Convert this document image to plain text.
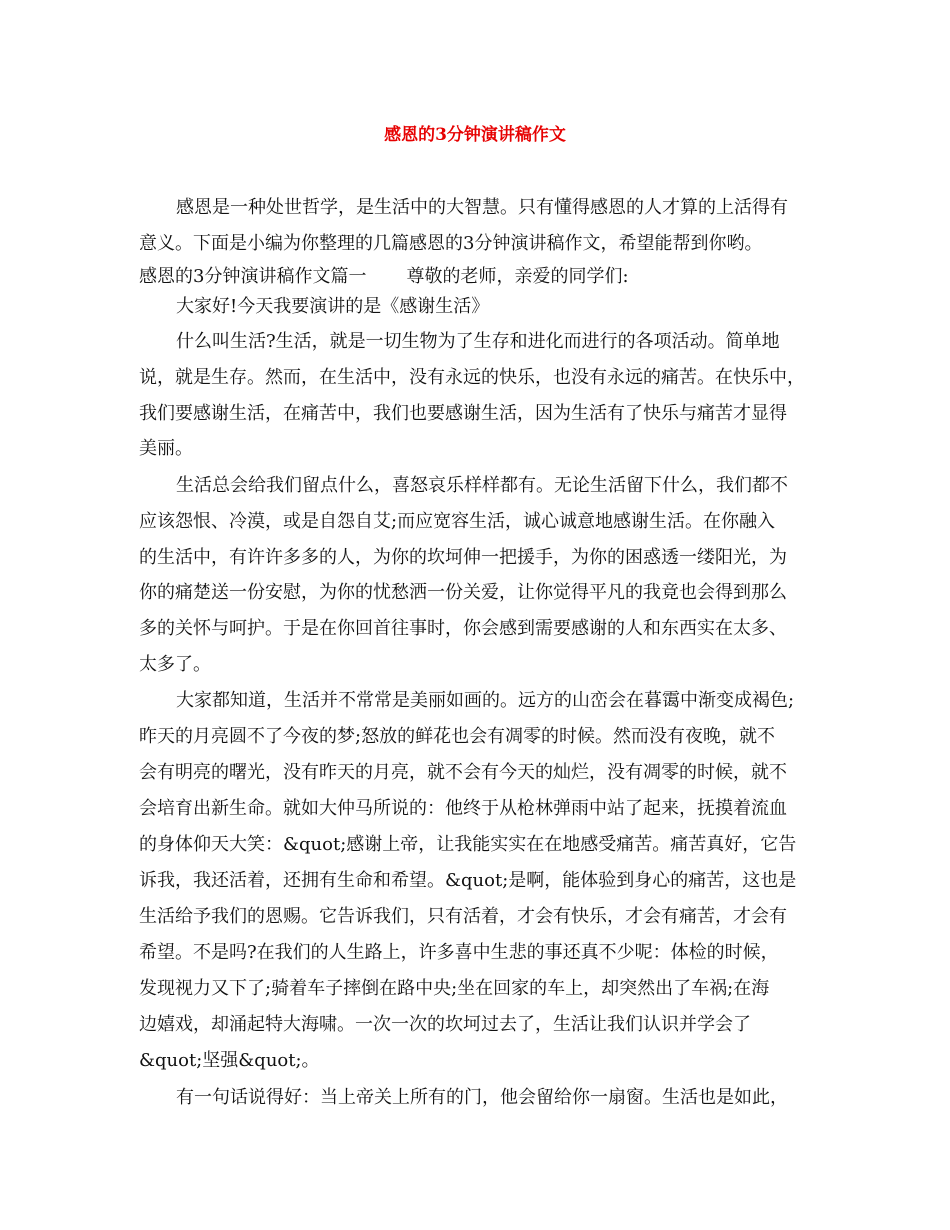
感恩的3分钟演讲稿作文
感恩是一种处世哲学，是生活中的大智慧。只有懂得感恩的人才算的上活得有
意义。下面是小编为你整理的几篇感恩的3分钟演讲稿作文，希望能帮到你哟。
感恩的3分钟演讲稿作文篇一 尊敬的老师，亲爱的同学们:
大家好!今天我要演讲的是《感谢生活》
什么叫生活?生活，就是一切生物为了生存和进化而进行的各项活动。简单地
说，就是生存。然而，在生活中，没有永远的快乐，也没有永远的痛苦。在快乐中，
我们要感谢生活，在痛苦中，我们也要感谢生活，因为生活有了快乐与痛苦才显得
美丽。
生活总会给我们留点什么，喜怒哀乐样样都有。无论生活留下什么，我们都不
应该怨恨、冷漠，或是自怨自艾;而应宽容生活，诚心诚意地感谢生活。在你融入
的生活中，有许许多多的人，为你的坎坷伸一把援手，为你的困惑透一缕阳光，为
你的痛楚送一份安慰，为你的忧愁洒一份关爱，让你觉得平凡的我竟也会得到那么
多的关怀与呵护。于是在你回首往事时，你会感到需要感谢的人和东西实在太多、
太多了。
大家都知道，生活并不常常是美丽如画的。远方的山峦会在暮霭中渐变成褐色;
昨天的月亮圆不了今夜的梦;怒放的鲜花也会有凋零的时候。然而没有夜晚，就不
会有明亮的曙光，没有昨天的月亮，就不会有今天的灿烂，没有凋零的时候，就不
会培育出新生命。就如大仲马所说的：他终于从枪林弹雨中站了起来，抚摸着流血
的身体仰天大笑：&quot;感谢上帝，让我能实实在在地感受痛苦。痛苦真好，它告
诉我，我还活着，还拥有生命和希望。&quot;是啊，能体验到身心的痛苦，这也是
生活给予我们的恩赐。它告诉我们，只有活着，才会有快乐，才会有痛苦，才会有
希望。不是吗?在我们的人生路上，许多喜中生悲的事还真不少呢：体检的时候，
发现视力又下了;骑着车子摔倒在路中央;坐在回家的车上，却突然出了车祸;在海
边嬉戏，却涌起特大海啸。一次一次的坎坷过去了，生活让我们认识并学会了
&quot;坚强&quot;。
有一句话说得好：当上帝关上所有的门，他会留给你一扇窗。生活也是如此，
